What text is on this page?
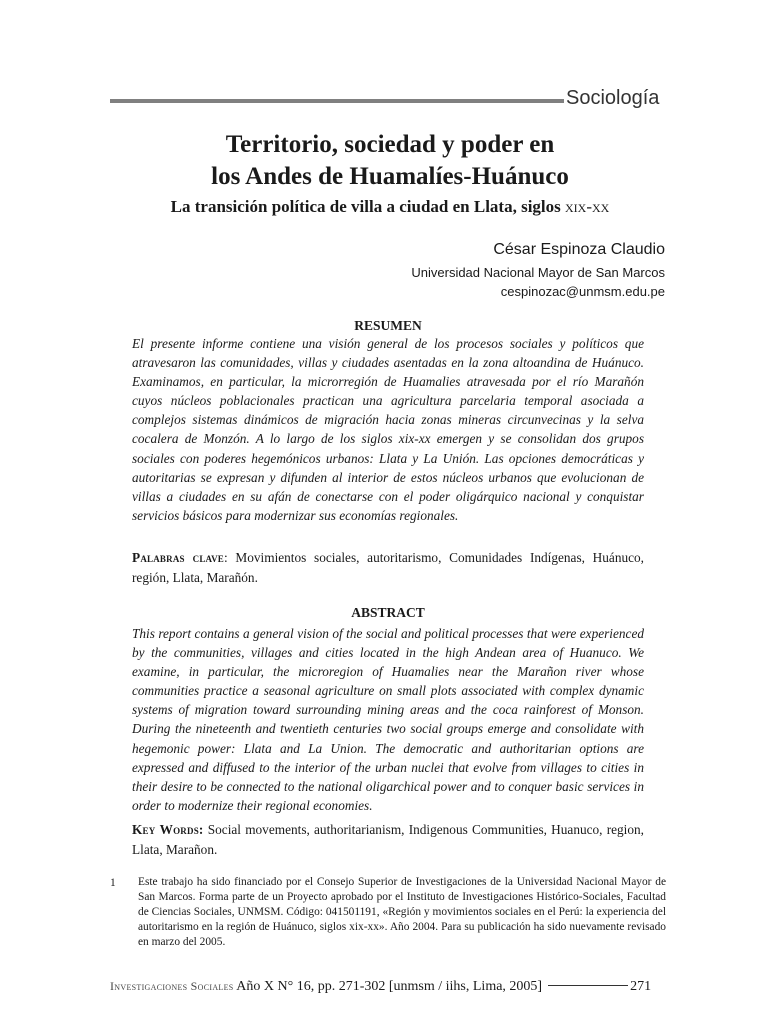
Sociología
Territorio, sociedad y poder en
los Andes de Huamalíes-Huánuco
La transición política de villa a ciudad en Llata, siglos xix-xx
César Espinoza Claudio
Universidad Nacional Mayor de San Marcos
cespinozac@unmsm.edu.pe
RESUMEN

El presente informe contiene una visión general de los procesos sociales y políticos que atravesaron las comunidades, villas y ciudades asentadas en la zona altoandina de Huánuco. Examinamos, en particular, la microrregión de Huamalies atravesada por el río Marañón cuyos núcleos poblacionales practican una agricultura parcelaria temporal asociada a complejos sistemas dinámicos de migración hacia zonas mineras circunvecinas y la selva cocalera de Monzón. A lo largo de los siglos xix-xx emergen y se consolidan dos grupos sociales con poderes hegemónicos urbanos: Llata y La Unión. Las opciones democráticas y autoritarias se expresan y difunden al interior de estos núcleos urbanos que evolucionan de villas a ciudades en su afán de conectarse con el poder oligárquico nacional y conquistar servicios básicos para modernizar sus economías regionales.

Palabras clave: Movimientos sociales, autoritarismo, Comunidades Indígenas, Huánuco, región, Llata, Marañón.

ABSTRACT

This report contains a general vision of the social and political processes that were experienced by the communities, villages and cities located in the high Andean area of Huanuco. We examine, in particular, the microregion of Huamalies near the Marañon river whose communities practice a seasonal agriculture on small plots associated with complex dynamic systems of migration toward surrounding mining areas and the coca rainforest of Monson. During the nineteenth and twentieth centuries two social groups emerge and consolidate with hegemonic power: Llata and La Union. The democratic and authoritarian options are expressed and diffused to the interior of the urban nuclei that evolve from villages to cities in their desire to be connected to the national oligarchical power and to conquer basic services in order to modernize their regional economies.

Key Words: Social movements, authoritarianism, Indigenous Communities, Huanuco, region, Llata, Marañon.

1 Este trabajo ha sido financiado por el Consejo Superior de Investigaciones de la Universidad Nacional Mayor de San Marcos. Forma parte de un Proyecto aprobado por el Instituto de Investigaciones Histórico-Sociales, Facultad de Ciencias Sociales, UNMSM. Código: 041501191, «Región y movimientos sociales en el Perú: la experiencia del autoritarismo en la región de Huánuco, siglos xix-xx». Año 2004. Para su publicación ha sido nuevamente revisado en marzo del 2005.

Investigaciones Sociales Año X N° 16, pp. 271-302 [unmsm / iihs, Lima, 2005]	271
